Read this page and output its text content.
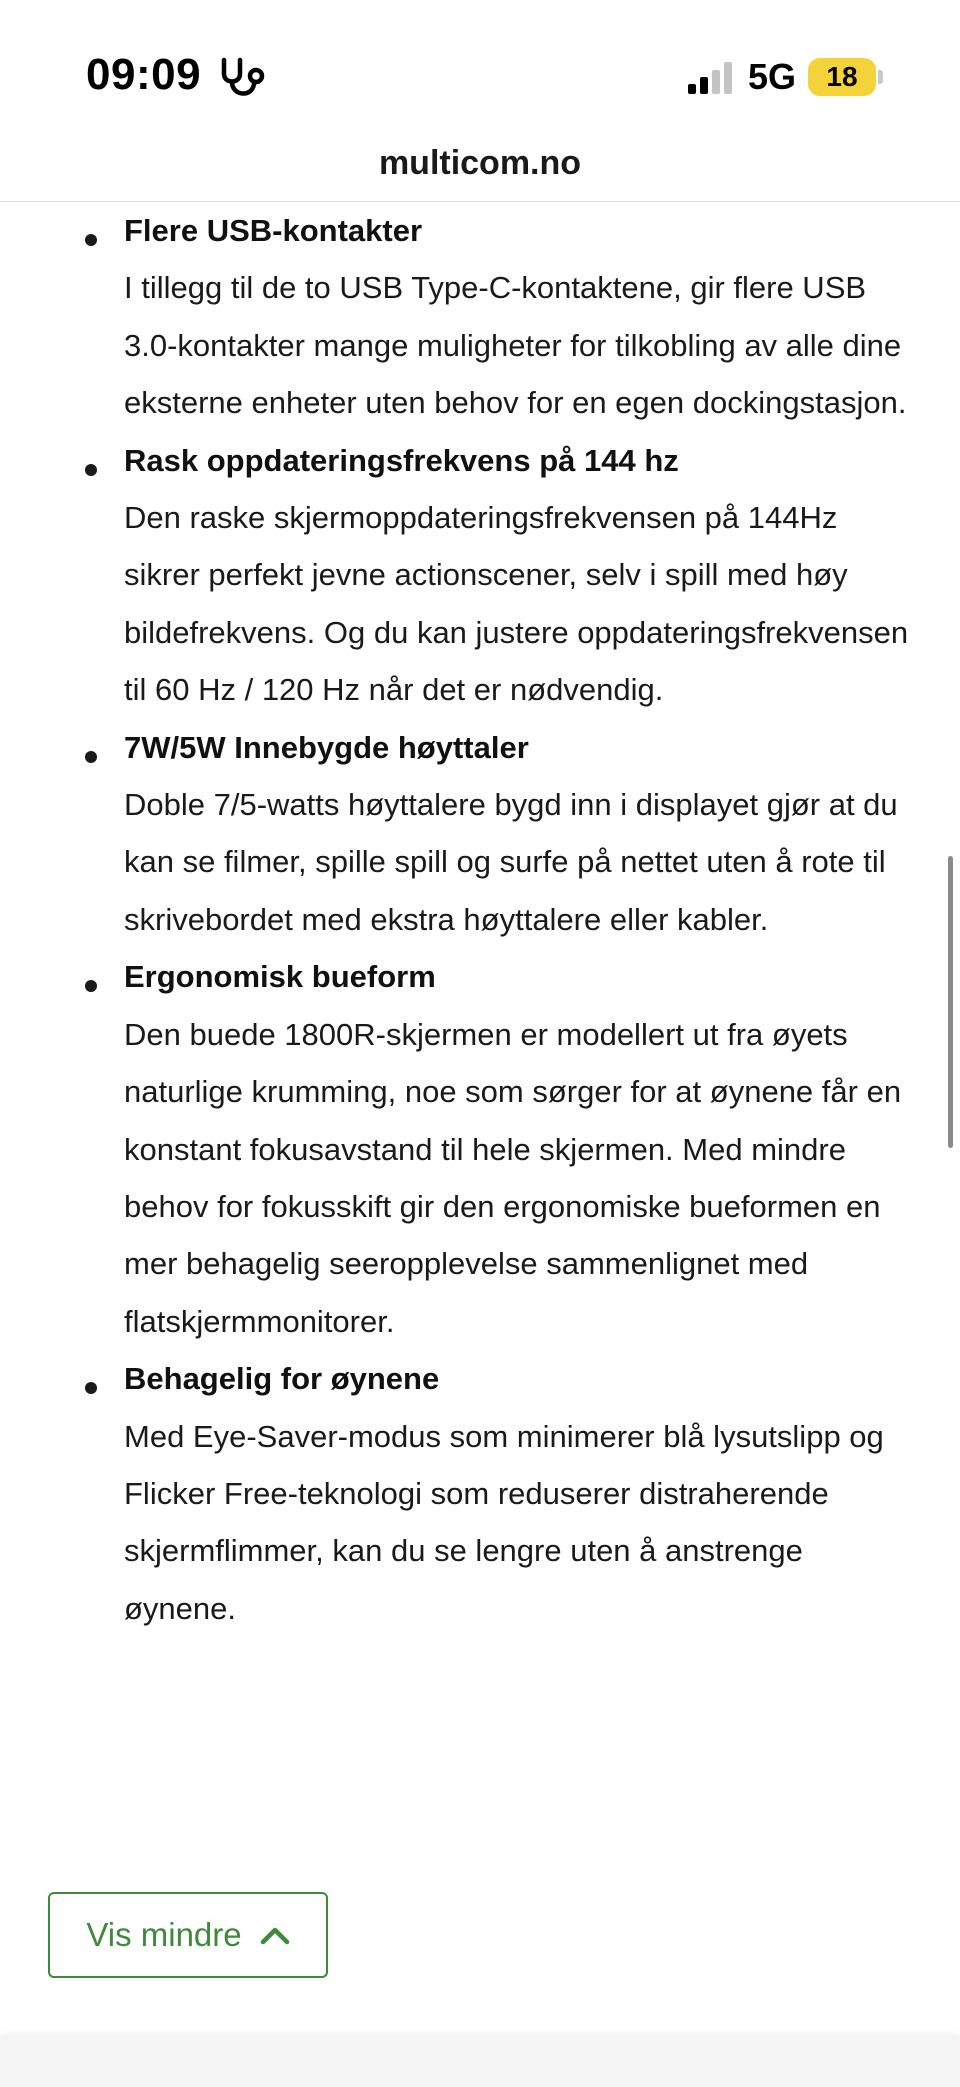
09:09	5G	18
multicom.no
Flere USB-kontakter
I tillegg til de to USB Type-C-kontaktene, gir flere USB 3.0-kontakter mange muligheter for tilkobling av alle dine eksterne enheter uten behov for en egen dockingstasjon.
Rask oppdateringsfrekvens på 144 hz
Den raske skjermoppdateringsfrekvensen på 144Hz sikrer perfekt jevne actionscener, selv i spill med høy bildefrekvens. Og du kan justere oppdateringsfrekvensen til 60 Hz / 120 Hz når det er nødvendig.
7W/5W Innebygde høyttaler
Doble 7/5-watts høyttalere bygd inn i displayet gjør at du kan se filmer, spille spill og surfe på nettet uten å rote til skrivebordet med ekstra høyttalere eller kabler.
Ergonomisk bueform
Den buede 1800R-skjermen er modellert ut fra øyets naturlige krumming, noe som sørger for at øynene får en konstant fokusavstand til hele skjermen. Med mindre behov for fokusskift gir den ergonomiske bueformen en mer behagelig seeropplevelse sammenlignet med flatskjermmonitorer.
Behagelig for øynene
Med Eye-Saver-modus som minimerer blå lysutslipp og Flicker Free-teknologi som reduserer distraherende skjermflimmer, kan du se lengre uten å anstrenge øynene.
Vis mindre
